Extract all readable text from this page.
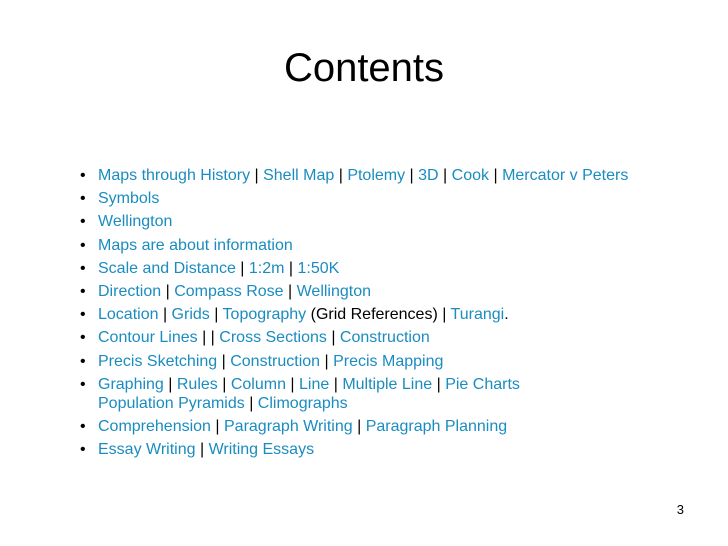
Contents
• Maps through History | Shell Map | Ptolemy | 3D | Cook | Mercator v Peters
• Symbols
• Wellington
• Maps are about information
• Scale and Distance | 1:2m | 1:50K
• Direction | Compass Rose | Wellington
• Location | Grids | Topography (Grid References) | Turangi.
• Contour Lines | | Cross Sections | Construction
• Precis Sketching | Construction | Precis Mapping
• Graphing | Rules | Column | Line | Multiple Line | Pie Charts
Population Pyramids | Climographs
• Comprehension | Paragraph Writing | Paragraph Planning
• Essay Writing | Writing Essays
3
